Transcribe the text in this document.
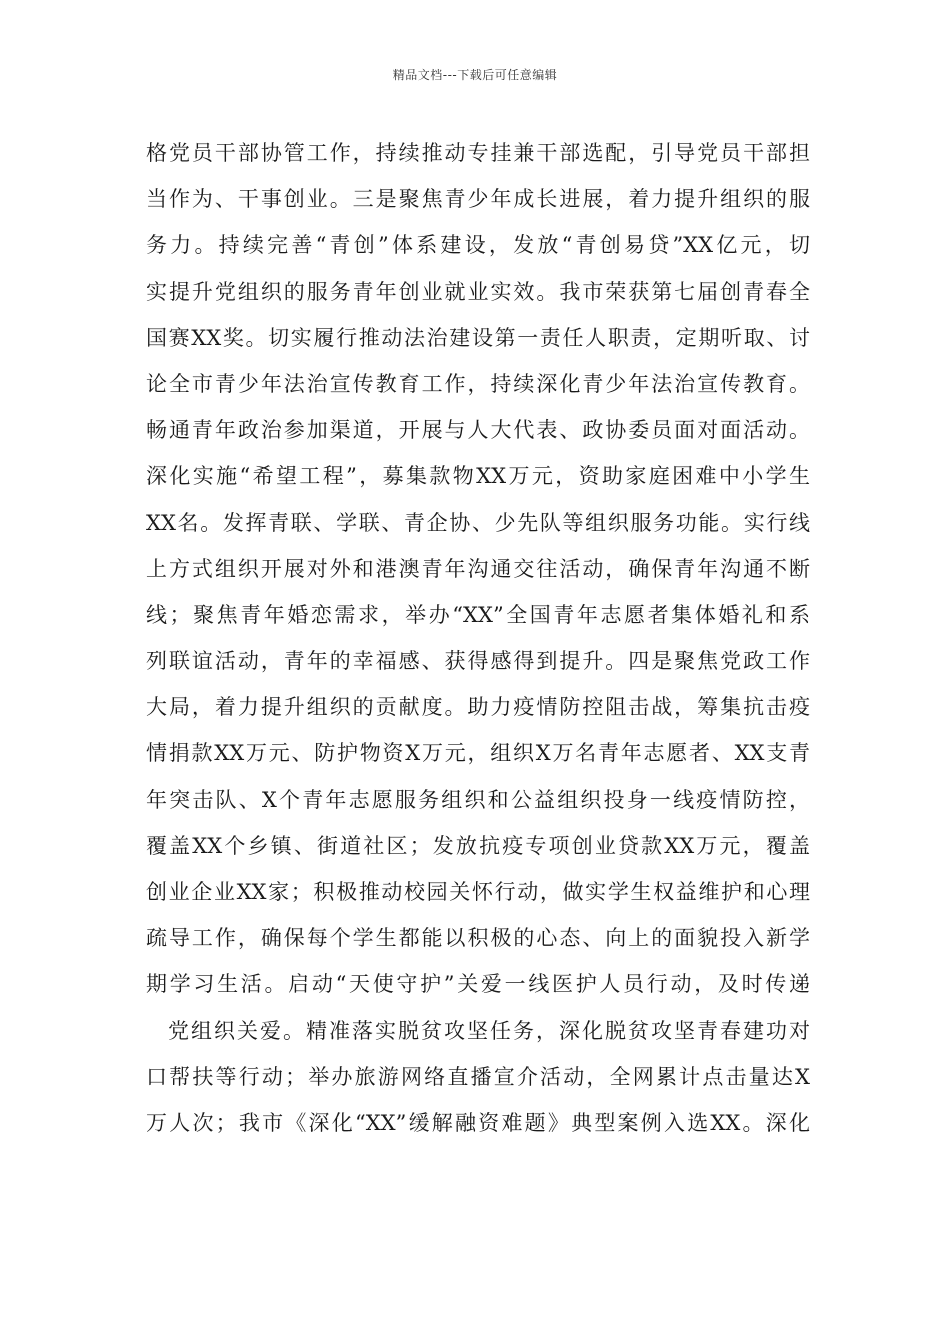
精品文档---下载后可任意编辑
格党员干部协管工作，持续推动专挂兼干部选配，引导党员干部担
当作为、干事创业。三是聚焦青少年成长进展，着力提升组织的服
务力。持续完善“青创”体系建设，发放“青创易贷”XX亿元，切
实提升党组织的服务青年创业就业实效。我市荣获第七届创青春全
国赛XX奖。切实履行推动法治建设第一责任人职责，定期听取、讨
论全市青少年法治宣传教育工作，持续深化青少年法治宣传教育。
畅通青年政治参加渠道，开展与人大代表、政协委员面对面活动。
深化实施“希望工程”，募集款物XX万元，资助家庭困难中小学生
XX名。发挥青联、学联、青企协、少先队等组织服务功能。实行线
上方式组织开展对外和港澳青年沟通交往活动，确保青年沟通不断
线；聚焦青年婚恋需求，举办“XX”全国青年志愿者集体婚礼和系
列联谊活动，青年的幸福感、获得感得到提升。四是聚焦党政工作
大局，着力提升组织的贡献度。助力疫情防控阻击战，筹集抗击疫
情捐款XX万元、防护物资X万元，组织X万名青年志愿者、XX支青
年突击队、X个青年志愿服务组织和公益组织投身一线疫情防控，
覆盖XX个乡镇、街道社区；发放抗疫专项创业贷款XX万元，覆盖
创业企业XX家；积极推动校园关怀行动，做实学生权益维护和心理
疏导工作，确保每个学生都能以积极的心态、向上的面貌投入新学
期学习生活。启动“天使守护”关爱一线医护人员行动，及时传递
党组织关爱。精准落实脱贫攻坚任务，深化脱贫攻坚青春建功对
口帮扶等行动；举办旅游网络直播宣介活动，全网累计点击量达X
万人次；我市《深化“XX”缓解融资难题》典型案例入选XX。深化
